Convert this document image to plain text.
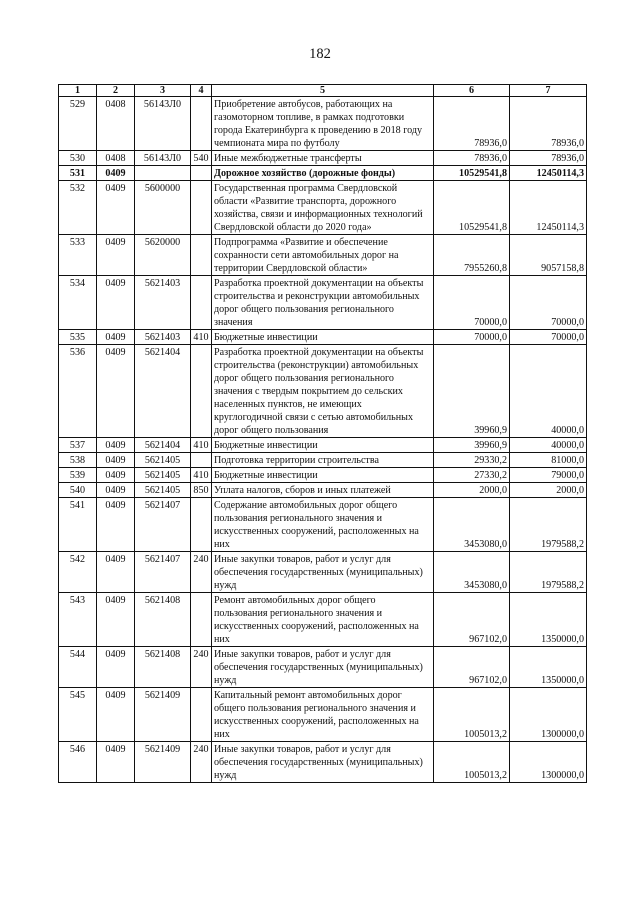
182
1	2	3	4	5	6	7
529	0408	56143Л0		Приобретение автобусов, работающих на газомоторном топливе, в рамках подготовки города Екатеринбурга к проведению в 2018 году чемпионата мира по футболу	78936,0	78936,0
530	0408	56143Л0	540	Иные межбюджетные трансферты	78936,0	78936,0
531	0409			Дорожное хозяйство (дорожные фонды)	10529541,8	12450114,3
532	0409	5600000		Государственная программа Свердловской области «Развитие транспорта, дорожного хозяйства, связи и информационных технологий Свердловской области до 2020 года»	10529541,8	12450114,3
533	0409	5620000		Подпрограмма «Развитие и обеспечение сохранности сети автомобильных дорог на территории Свердловской области»	7955260,8	9057158,8
534	0409	5621403		Разработка проектной документации на объекты строительства и реконструкции автомобильных дорог общего пользования регионального значения	70000,0	70000,0
535	0409	5621403	410	Бюджетные инвестиции	70000,0	70000,0
536	0409	5621404		Разработка проектной документации на объекты строительства (реконструкции) автомобильных дорог общего пользования регионального значения с твердым покрытием до сельских населенных пунктов, не имеющих круглогодичной связи с сетью автомобильных дорог общего пользования	39960,9	40000,0
537	0409	5621404	410	Бюджетные инвестиции	39960,9	40000,0
538	0409	5621405		Подготовка территории строительства	29330,2	81000,0
539	0409	5621405	410	Бюджетные инвестиции	27330,2	79000,0
540	0409	5621405	850	Уплата налогов, сборов и иных платежей	2000,0	2000,0
541	0409	5621407		Содержание автомобильных дорог общего пользования регионального значения и искусственных сооружений, расположенных на них	3453080,0	1979588,2
542	0409	5621407	240	Иные закупки товаров, работ и услуг для обеспечения государственных (муниципальных) нужд	3453080,0	1979588,2
543	0409	5621408		Ремонт автомобильных дорог общего пользования регионального значения и искусственных сооружений, расположенных на них	967102,0	1350000,0
544	0409	5621408	240	Иные закупки товаров, работ и услуг для обеспечения государственных (муниципальных) нужд	967102,0	1350000,0
545	0409	5621409		Капитальный ремонт автомобильных дорог общего пользования регионального значения и искусственных сооружений, расположенных на них	1005013,2	1300000,0
546	0409	5621409	240	Иные закупки товаров, работ и услуг для обеспечения государственных (муниципальных) нужд	1005013,2	1300000,0
